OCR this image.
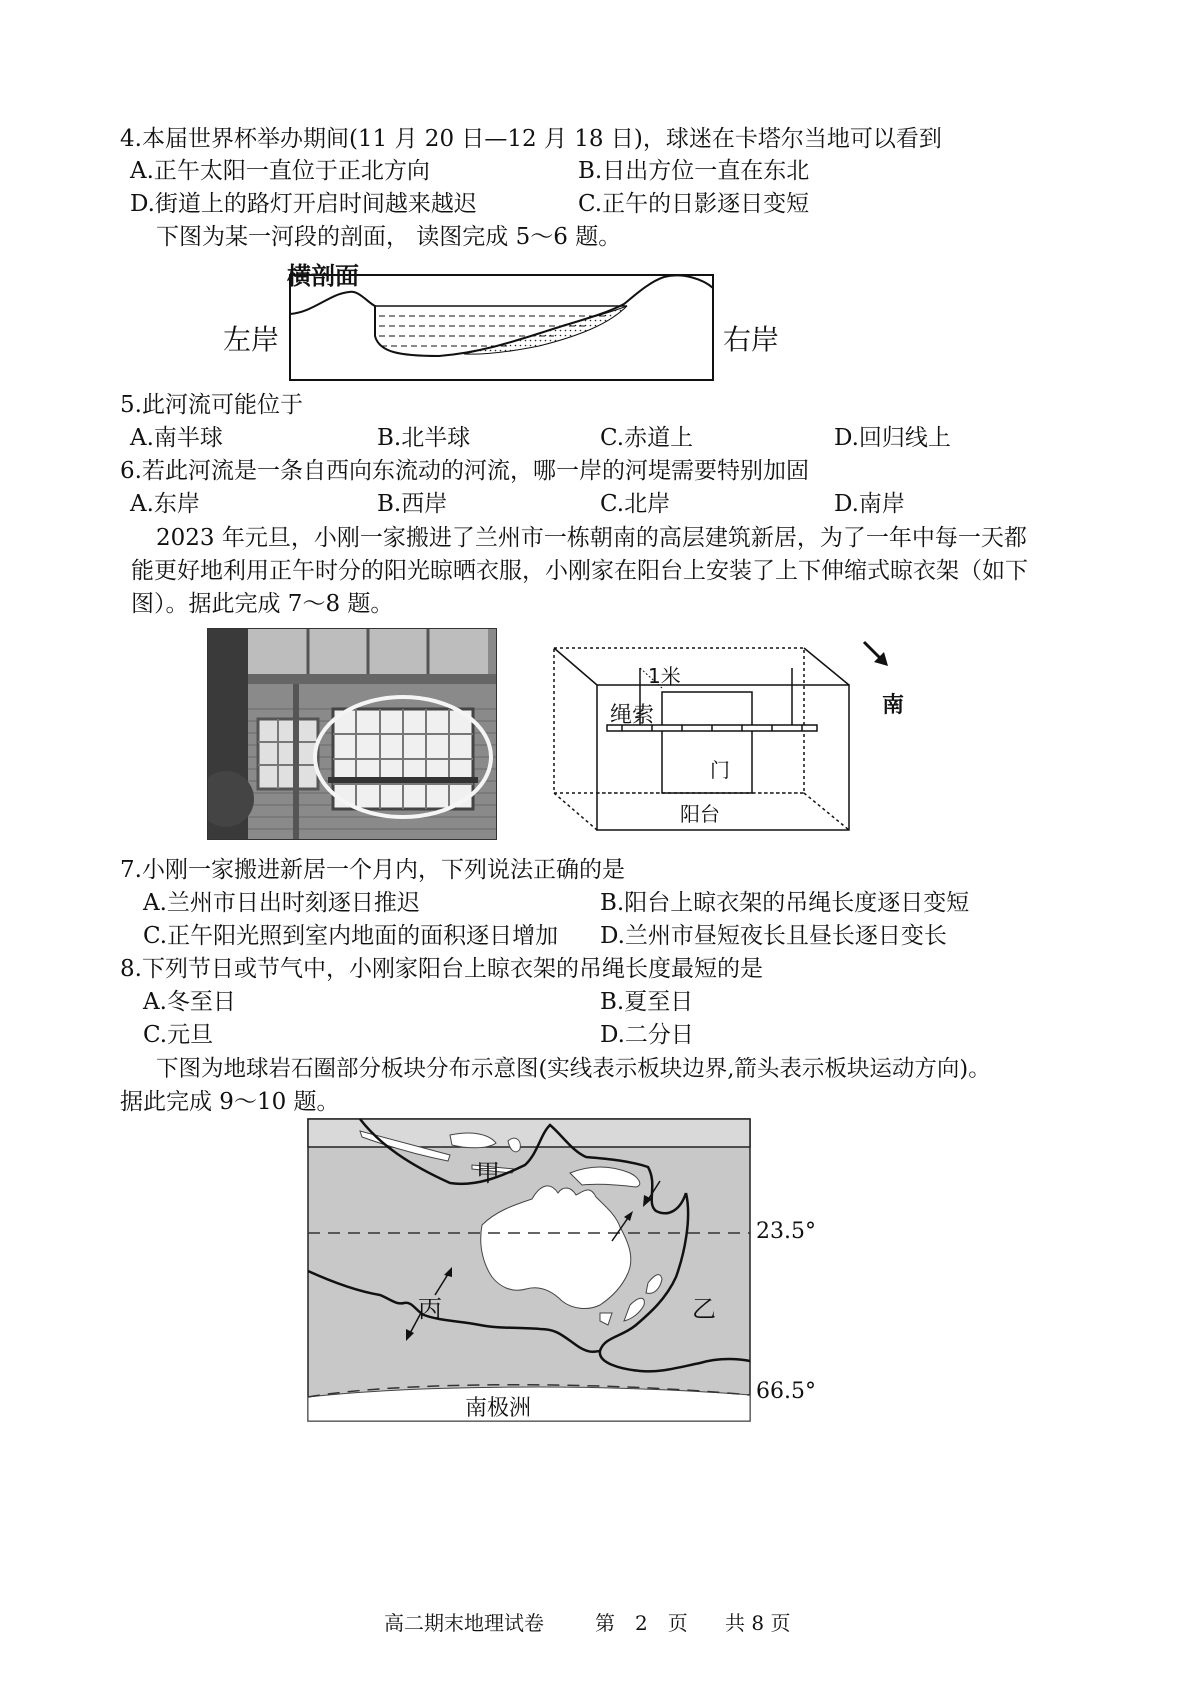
4.本届世界杯举办期间(11 月 20 日—12 月 18 日)，球迷在卡塔尔当地可以看到
A.正午太阳一直位于正北方向	B.日出方位一直在东北
D.街道上的路灯开启时间越来越迟	C.正午的日影逐日变短
下图为某一河段的剖面， 读图完成 5～6 题。
横剖面
左岸	右岸
5.此河流可能位于
A.南半球	B.北半球	C.赤道上	D.回归线上
6.若此河流是一条自西向东流动的河流，哪一岸的河堤需要特别加固
A.东岸	B.西岸	C.北岸	D.南岸
2023 年元旦，小刚一家搬进了兰州市一栋朝南的高层建筑新居，为了一年中每一天都
能更好地利用正午时分的阳光晾晒衣服，小刚家在阳台上安装了上下伸缩式晾衣架（如下
图）。据此完成 7～8 题。
1米
绳索
门
阳台
南
7.小刚一家搬进新居一个月内，下列说法正确的是
A.兰州市日出时刻逐日推迟	B.阳台上晾衣架的吊绳长度逐日变短
C.正午阳光照到室内地面的面积逐日增加 D.兰州市昼短夜长且昼长逐日变长
8.下列节日或节气中，小刚家阳台上晾衣架的吊绳长度最短的是
A.冬至日	B.夏至日
C.元旦	D.二分日
下图为地球岩石圈部分板块分布示意图(实线表示板块边界,箭头表示板块运动方向)。
据此完成 9～10 题。
甲
乙
丙
南极洲
23.5°
66.5°
高二期末地理试卷	第　2　页 共 8 页
